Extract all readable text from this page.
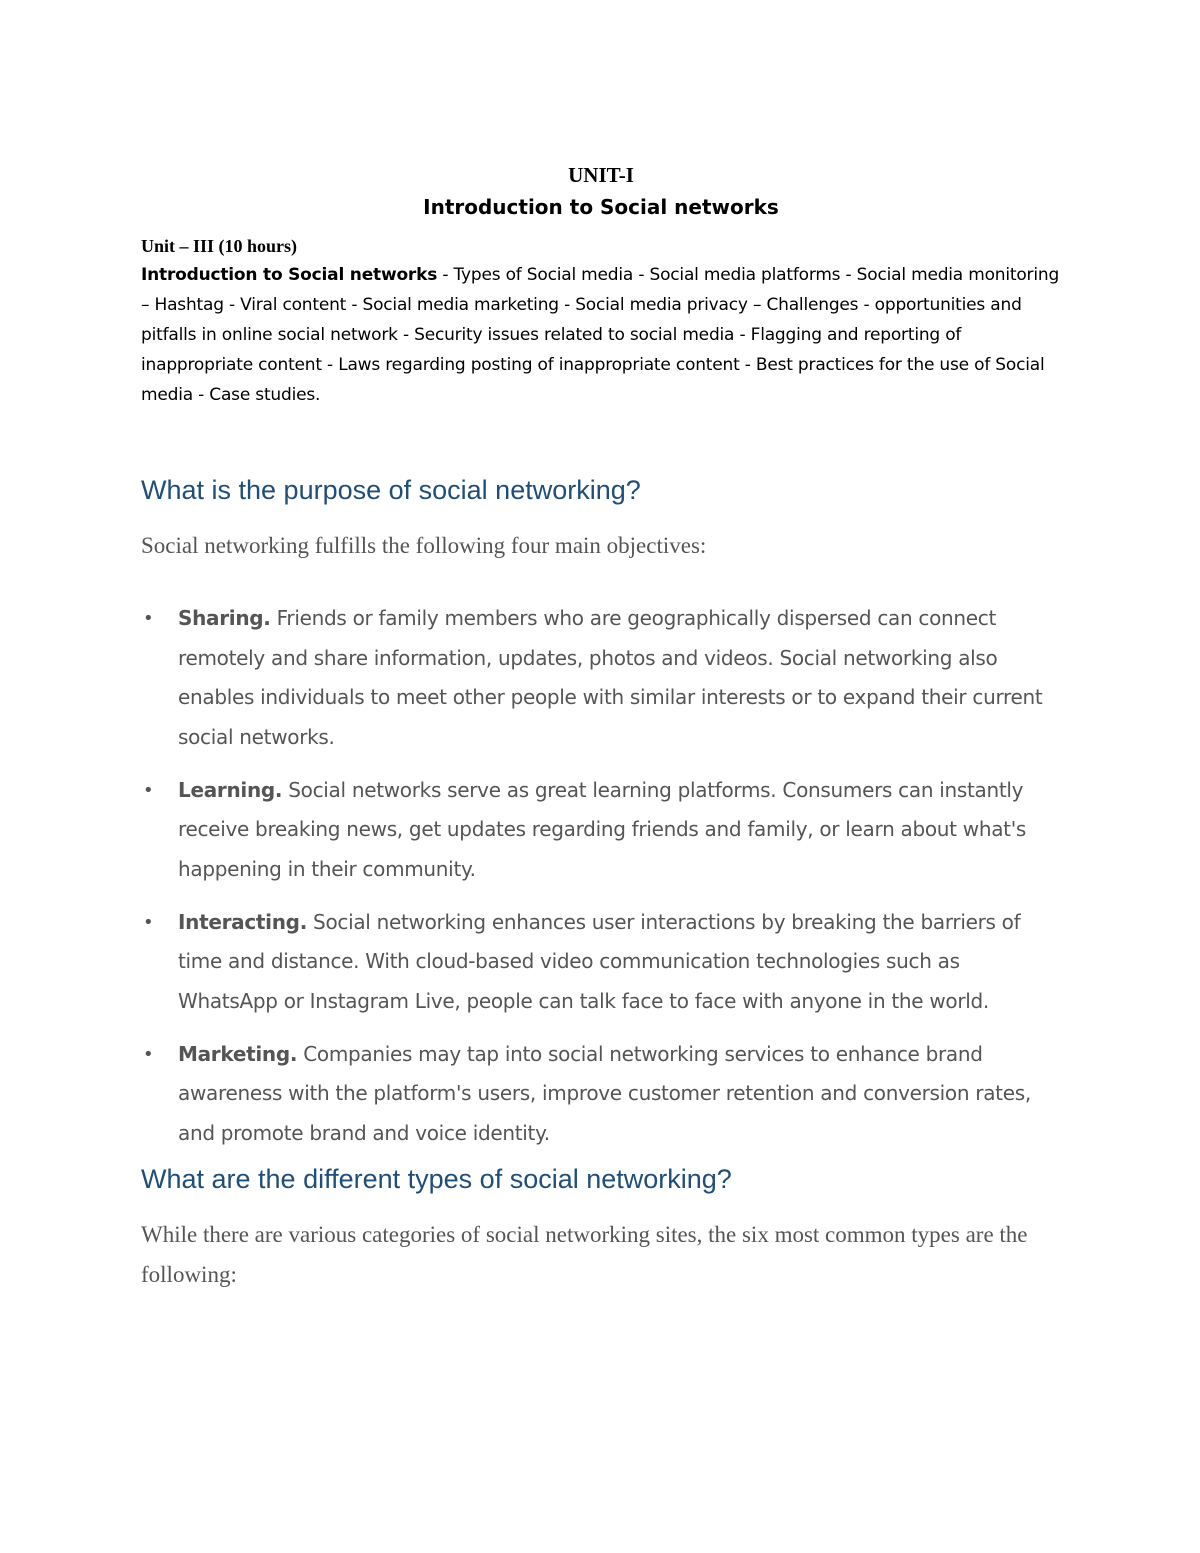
UNIT-I

Introduction to Social networks

Unit – III (10 hours)

Introduction to Social networks - Types of Social media - Social media platforms - Social media monitoring – Hashtag - Viral content - Social media marketing - Social media privacy – Challenges - opportunities and pitfalls in online social network - Security issues related to social media - Flagging and reporting of inappropriate content - Laws regarding posting of inappropriate content - Best practices for the use of Social media - Case studies.

What is the purpose of social networking?

Social networking fulfills the following four main objectives:

• Sharing. Friends or family members who are geographically dispersed can connect remotely and share information, updates, photos and videos. Social networking also enables individuals to meet other people with similar interests or to expand their current social networks.
• Learning. Social networks serve as great learning platforms. Consumers can instantly receive breaking news, get updates regarding friends and family, or learn about what's happening in their community.
• Interacting. Social networking enhances user interactions by breaking the barriers of time and distance. With cloud-based video communication technologies such as WhatsApp or Instagram Live, people can talk face to face with anyone in the world.
• Marketing. Companies may tap into social networking services to enhance brand awareness with the platform's users, improve customer retention and conversion rates, and promote brand and voice identity.
What are the different types of social networking?

While there are various categories of social networking sites, the six most common types are the following:
